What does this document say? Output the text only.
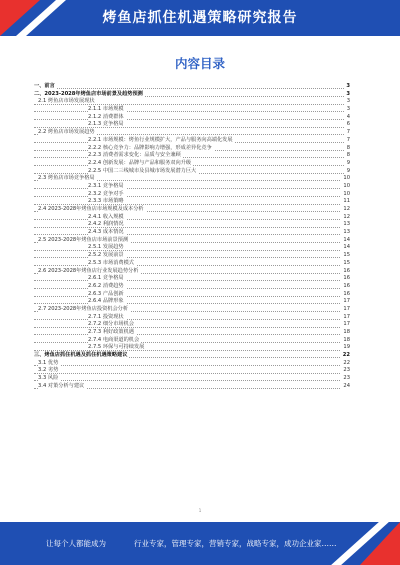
烤鱼店抓住机遇策略研究报告
内容目录
一、前言	3
二、2023-2028年烤鱼店市场前景及趋势预测	3
2.1 烤鱼店市场发展现状	3
2.1.1 市场规模	3
2.1.2 消费群体	4
2.1.3 竞争格局	6
2.2 烤鱼店市场发展趋势	7
2.2.1 市场规模：烤鱼行业规模扩大，产品与服务向高端化发展	7
2.2.2 核心竞争力：品牌影响力增强，形成差异化竞争	8
2.2.3 消费者需求变化：品质与安全兼顾	8
2.2.4 创新发展：品牌与产品和服务双向升级	9
2.2.5 中国二三线城市及县城市场发展潜力巨大	9
2.3 烤鱼店市场竞争格局	10
2.3.1 竞争格局	10
2.3.2 竞争对手	10
2.3.3 市场策略	11
2.4 2023-2028年烤鱼店市场规模及成本分析	12
2.4.1 收入规模	12
2.4.2 利润情况	13
2.4.3 成本情况	13
2.5 2023-2028年烤鱼店市场前景预测	14
2.5.1 发展趋势	14
2.5.2 发展前景	15
2.5.3 市场消费模式	15
2.6 2023-2028年烤鱼店行业发展趋势分析	16
2.6.1 竞争格局	16
2.6.2 消费趋势	16
2.6.3 产品创新	16
2.6.4 品牌形象	17
2.7 2023-2028年烤鱼店投资机会分析	17
2.7.1 投资现状	17
2.7.2 细分市场机会	17
2.7.3 利好政策机遇	18
2.7.4 电商渠道的机会	18
2.7.5 环保与可持续发展	19
三、烤鱼店抓住机遇及抓住机遇策略建议	22
3.1 优势	22
3.2 劣势	23
3.3 风险	23
3.4 对策分析与建议	24
1
让每个人都能成为	行业专家，管理专家，营销专家，战略专家，成功企业家……
